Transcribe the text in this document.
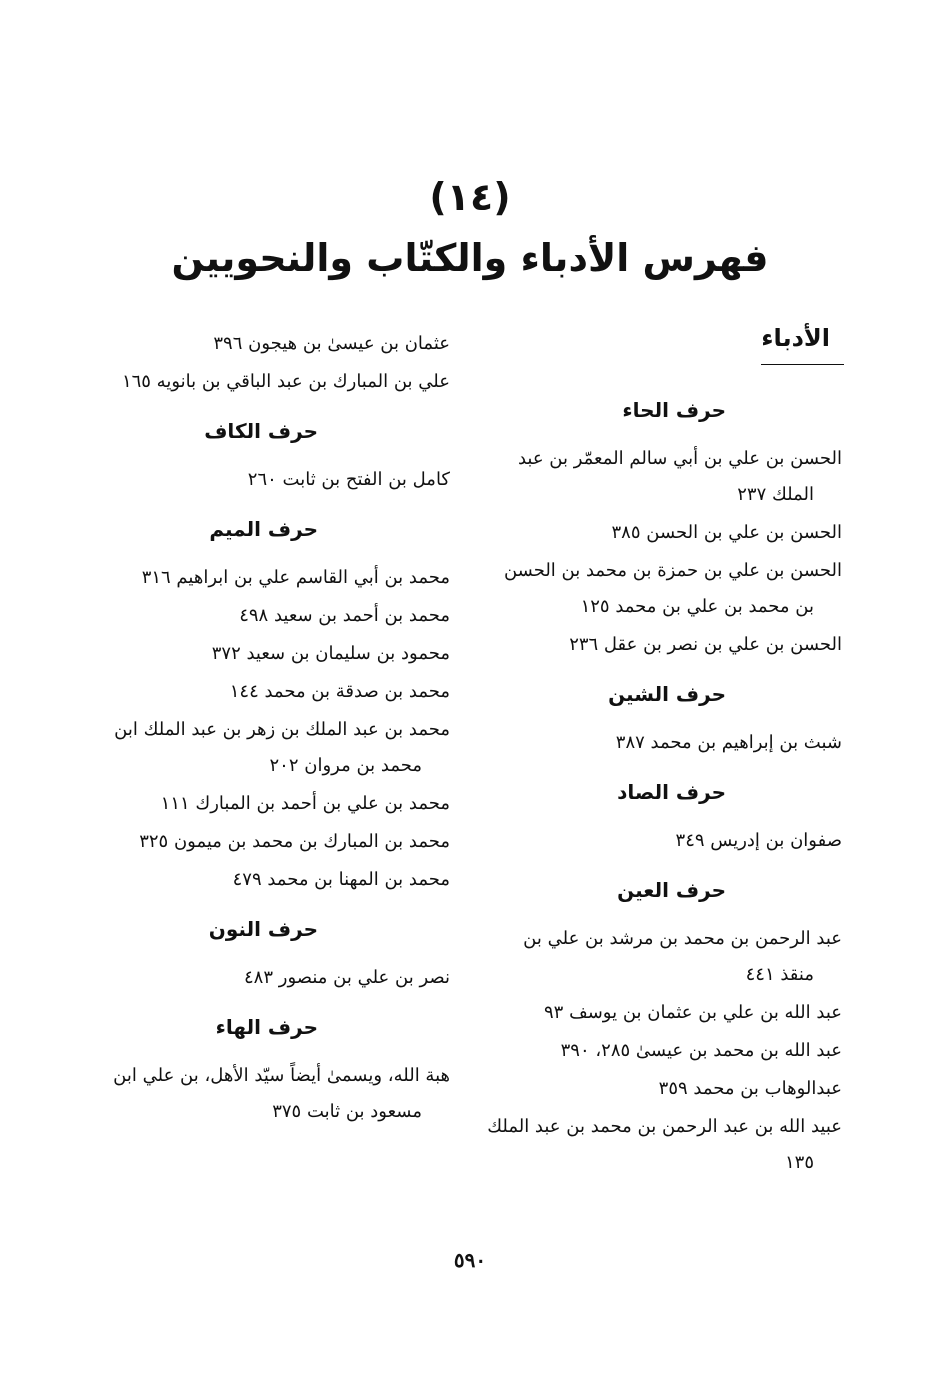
(١٤)
فهرس الأدباء والكتّاب والنحويين
الأدباء
حرف الحاء
الحسن بن علي بن أبي سالم المعمّر بن عبد الملك ٢٣٧
الحسن بن علي بن الحسن ٣٨٥
الحسن بن علي بن حمزة بن محمد بن الحسن بن محمد بن علي بن محمد ١٢٥
الحسن بن علي بن نصر بن عقل ٢٣٦
حرف الشين
شبث بن إبراهيم بن محمد ٣٨٧
حرف الصاد
صفوان بن إدريس ٣٤٩
حرف العين
عبد الرحمن بن محمد بن مرشد بن علي بن منقذ ٤٤١
عبد الله بن علي بن عثمان بن يوسف ٩٣
عبد الله بن محمد بن عيسىٰ ٢٨٥، ٣٩٠
عبدالوهاب بن محمد ٣٥٩
عبيد الله بن عبد الرحمن بن محمد بن عبد الملك ١٣٥
عثمان بن عيسىٰ بن هيجون ٣٩٦
علي بن المبارك بن عبد الباقي بن بانويه ١٦٥
حرف الكاف
كامل بن الفتح بن ثابت ٢٦٠
حرف الميم
محمد بن أبي القاسم علي بن ابراهيم ٣١٦
محمد بن أحمد بن سعيد ٤٩٨
محمود بن سليمان بن سعيد ٣٧٢
محمد بن صدقة بن محمد ١٤٤
محمد بن عبد الملك بن زهر بن عبد الملك ابن محمد بن مروان ٢٠٢
محمد بن علي بن أحمد بن المبارك ١١١
محمد بن المبارك بن محمد بن ميمون ٣٢٥
محمد بن المهنا بن محمد ٤٧٩
حرف النون
نصر بن علي بن منصور ٤٨٣
حرف الهاء
هبة الله، ويسمىٰ أيضاً سيّد الأهل، بن علي ابن مسعود بن ثابت ٣٧٥
٥٩٠
